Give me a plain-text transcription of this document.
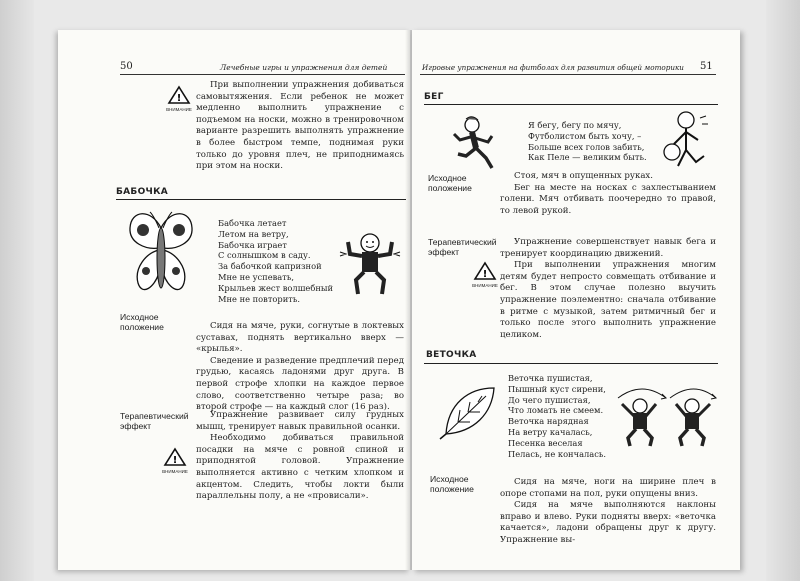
50	Лечебные игры и упражнения для детей
!
ВНИМАНИЕ

При выполнении упражнения добиваться самовытяжения. Если ребенок не может медленно выполнить упражнение с подъемом на носки, можно в тренировочном варианте разрешить выполнять упражнение в более быстром темпе, поднимая руки только до уровня плеч, не приподнимаясь при этом на носки.

БАБОЧКА
Бабочка летает
Летом на ветру,
Бабочка играет
С солнышком в саду.
За бабочкой капризной
Мне не успевать,
Крыльев жест волшебный
Мне не повторить.
Исходное положение	Сидя на мяче, руки, согнутые в локтевых суставах, поднять вертикально вверх — «крылья».

Сведение и разведение предплечий перед грудью, касаясь ладонями друг друга. В первой строфе хлопки на каждое первое слово, соответственно четыре раза; во второй строфе — на каждый слог (16 раз).

Терапевтический эффект

Упражнение развивает силу грудных мышц, тренирует навык правильной осанки.

Необходимо добиваться правильной посадки на мяче с ровной спиной и приподнятой головой. Упражнение выполняется активно с четким хлопком и акцентом. Следить, чтобы локти были параллельны полу, а не «провисали».

!
ВНИМАНИЕ
Игровые упражнения на фитболах для развития общей моторики 51
БЕГ
Я бегу, бегу по мячу,
Футболистом быть хочу, –
Больше всех голов забить,
Как Пеле — великим быть.
Исходное положение

Стоя, мяч в опущенных руках.

Бег на месте на носках с захлестыванием голени. Мяч отбивать поочередно то правой, то левой рукой.

Терапевтический эффект

Упражнение совершенствует навык бега и тренирует координацию движений.

При выполнении упражнения многим детям будет непросто совмещать отбивание и бег. В этом случае полезно выучить упражнение поэлементно: сначала отбивание в ритме с музыкой, затем ритмичный бег и только после этого выполнить упражнение целиком.

!
ВНИМАНИЕ
ВЕТОЧКА
Веточка пушистая,
Пышный куст сирени,
До чего пушистая,
Что ломать не смеем.
Веточка нарядная
На ветру качалась,
Песенка веселая
Пелась, не кончалась.
Исходное положение

Сидя на мяче, ноги на ширине плеч в опоре стопами на пол, руки опущены вниз.

Сидя на мяче выполняются наклоны вправо и влево. Руки подняты вверх: «веточка качается», ладони обращены друг к другу. Упражнение вы-
